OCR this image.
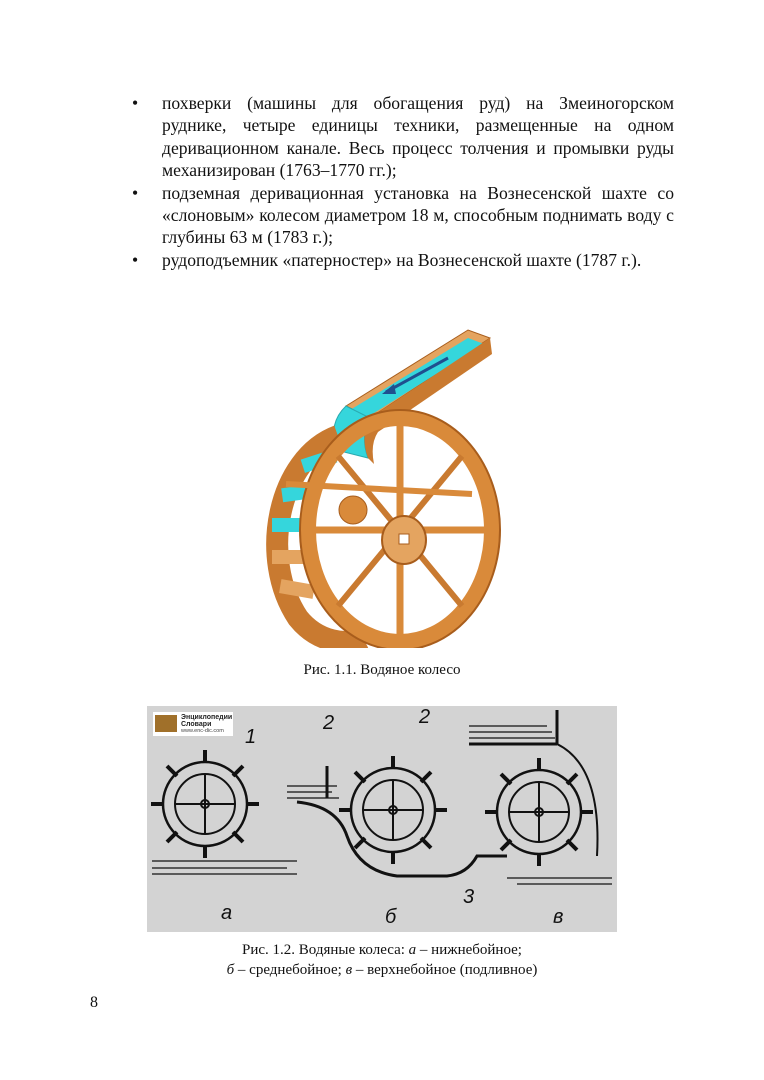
• похверки (машины для обогащения руд) на Змеиногорском руднике, четыре единицы техники, размещенные на одном деривационном канале. Весь процесс толчения и промывки руды механизирован (1763–1770 гг.);
• подземная деривационная установка на Вознесенской шахте со «слоновым» колесом диаметром 18 м, способным поднимать воду с глубины 63 м (1783 г.);
• рудоподъемник «патерностер» на Вознесенской шахте (1787 г.).
Рис. 1.1. Водяное колесо
Энциклопедии
Словари
www.enc-dic.com 1
2	2
3
а	б	в
Рис. 1.2. Водяные колеса: а – нижнебойное;
б – среднебойное; в – верхнебойное (подливное)
8
